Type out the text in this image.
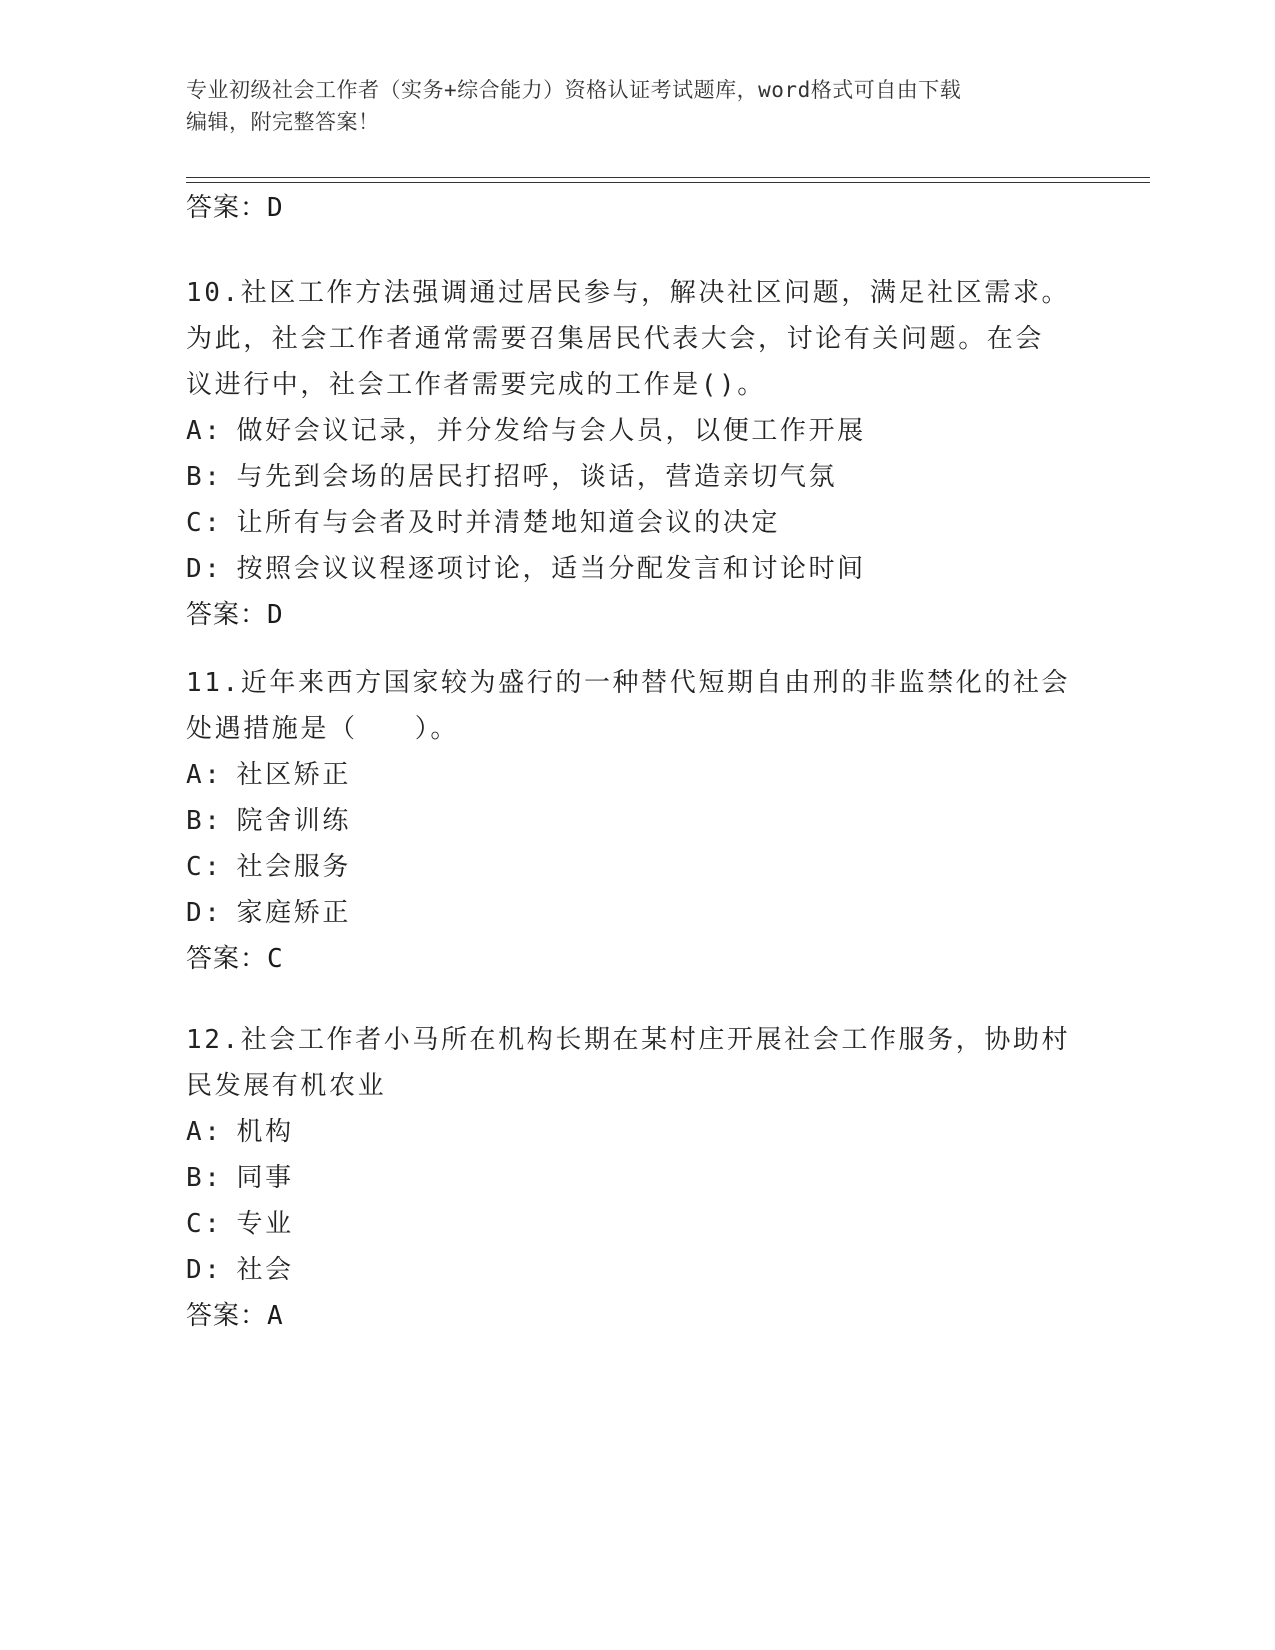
专业初级社会工作者（实务+综合能力）资格认证考试题库，word格式可自由下载
编辑，附完整答案！
答案：D

10.社区工作方法强调通过居民参与，解决社区问题，满足社区需求。
为此，社会工作者通常需要召集居民代表大会，讨论有关问题。在会
议进行中，社会工作者需要完成的工作是()。

A: 做好会议记录，并分发给与会人员，以便工作开展

B: 与先到会场的居民打招呼，谈话，营造亲切气氛

C: 让所有与会者及时并清楚地知道会议的决定

D: 按照会议议程逐项讨论，适当分配发言和讨论时间

答案：D

11.近年来西方国家较为盛行的一种替代短期自由刑的非监禁化的社会
处遇措施是（　　）。

A: 社区矫正

B: 院舍训练

C: 社会服务

D: 家庭矫正

答案：C

12.社会工作者小马所在机构长期在某村庄开展社会工作服务，协助村
民发展有机农业

A: 机构

B: 同事

C: 专业

D: 社会

答案：A
